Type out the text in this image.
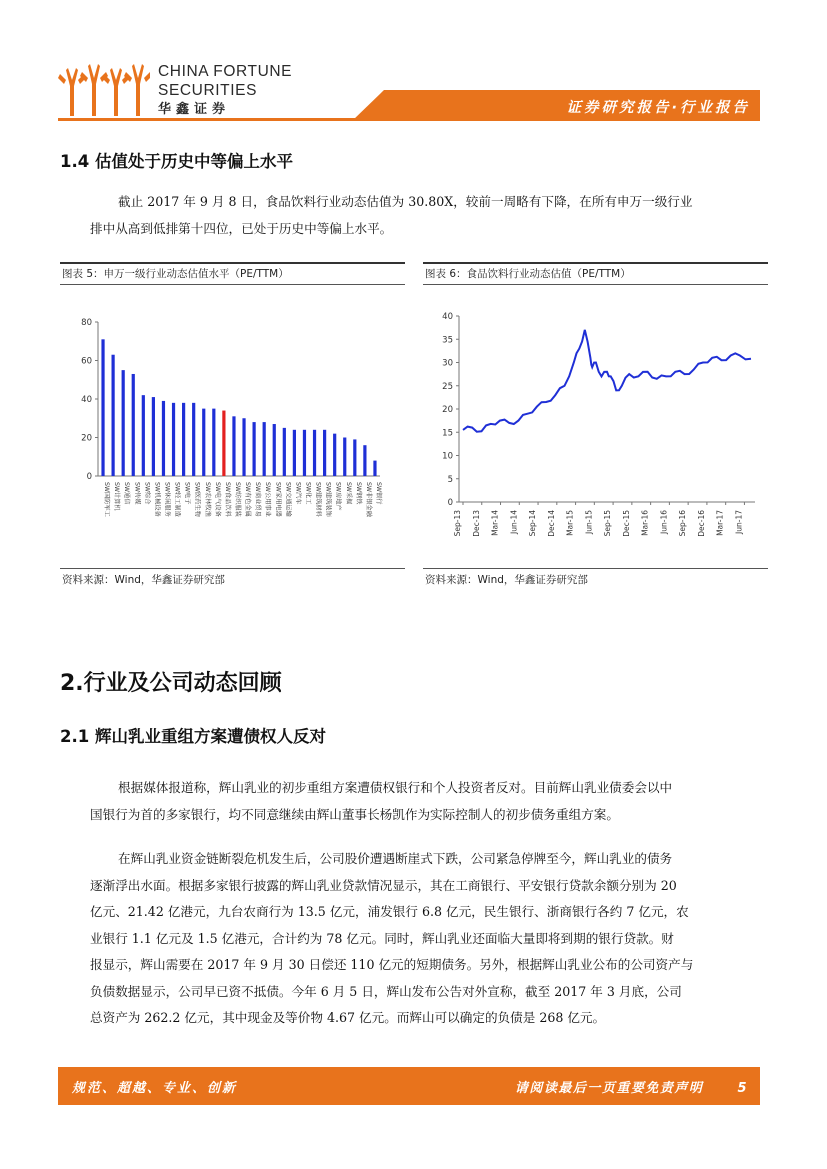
CHINA FORTUNE
SECURITIES
华鑫证券	证券研究报告·行业报告
1.4 估值处于历史中等偏上水平
截止 2017 年 9 月 8 日，食品饮料行业动态估值为 30.80X，较前一周略有下降，在所有申万一级行业
排中从高到低排第十四位，已处于历史中等偏上水平。
图表 5：申万一级行业动态估值水平（PE/TTM）
0
20
40
60
80
SW国防军工 SW计算机 SW通信 SW传媒 SW综合 SW机械设备 SW休闲服务 SW轻工制造 SW电子 SW医药生物 SW农林牧渔 SW电气设备 SW食品饮料 SW纺织服装 SW有色金属 SW商业贸易 SW公用事业 SW家用电器 SW交通运输 SW汽车 SW化工 SW建筑材料 SW建筑装饰 SW房地产 SW采掘 SW钢铁 SW非银金融 SW银行
资料来源：Wind，华鑫证券研究部
图表 6：食品饮料行业动态估值（PE/TTM）
0
5
10
15
20
25
30
35
40
Sep-13 Dec-13 Mar-14 Jun-14 Sep-14 Dec-14 Mar-15 Jun-15 Sep-15 Dec-15 Mar-16 Jun-16 Sep-16 Dec-16 Mar-17 Jun-17
资料来源：Wind，华鑫证券研究部
2.行业及公司动态回顾
2.1 辉山乳业重组方案遭债权人反对
根据媒体报道称，辉山乳业的初步重组方案遭债权银行和个人投资者反对。目前辉山乳业债委会以中
国银行为首的多家银行，均不同意继续由辉山董事长杨凯作为实际控制人的初步债务重组方案。
在辉山乳业资金链断裂危机发生后，公司股价遭遇断崖式下跌，公司紧急停牌至今，辉山乳业的债务
逐渐浮出水面。根据多家银行披露的辉山乳业贷款情况显示，其在工商银行、平安银行贷款余额分别为 20
亿元、21.42 亿港元，九台农商行为 13.5 亿元，浦发银行 6.8 亿元，民生银行、浙商银行各约 7 亿元，农
业银行 1.1 亿元及 1.5 亿港元，合计约为 78 亿元。同时，辉山乳业还面临大量即将到期的银行贷款。财
报显示，辉山需要在 2017 年 9 月 30 日偿还 110 亿元的短期债务。另外，根据辉山乳业公布的公司资产与
负债数据显示，公司早已资不抵债。今年 6 月 5 日，辉山发布公告对外宣称，截至 2017 年 3 月底，公司
总资产为 262.2 亿元，其中现金及等价物 4.67 亿元。而辉山可以确定的负债是 268 亿元。
规范、超越、专业、创新	请阅读最后一页重要免责声明	5
